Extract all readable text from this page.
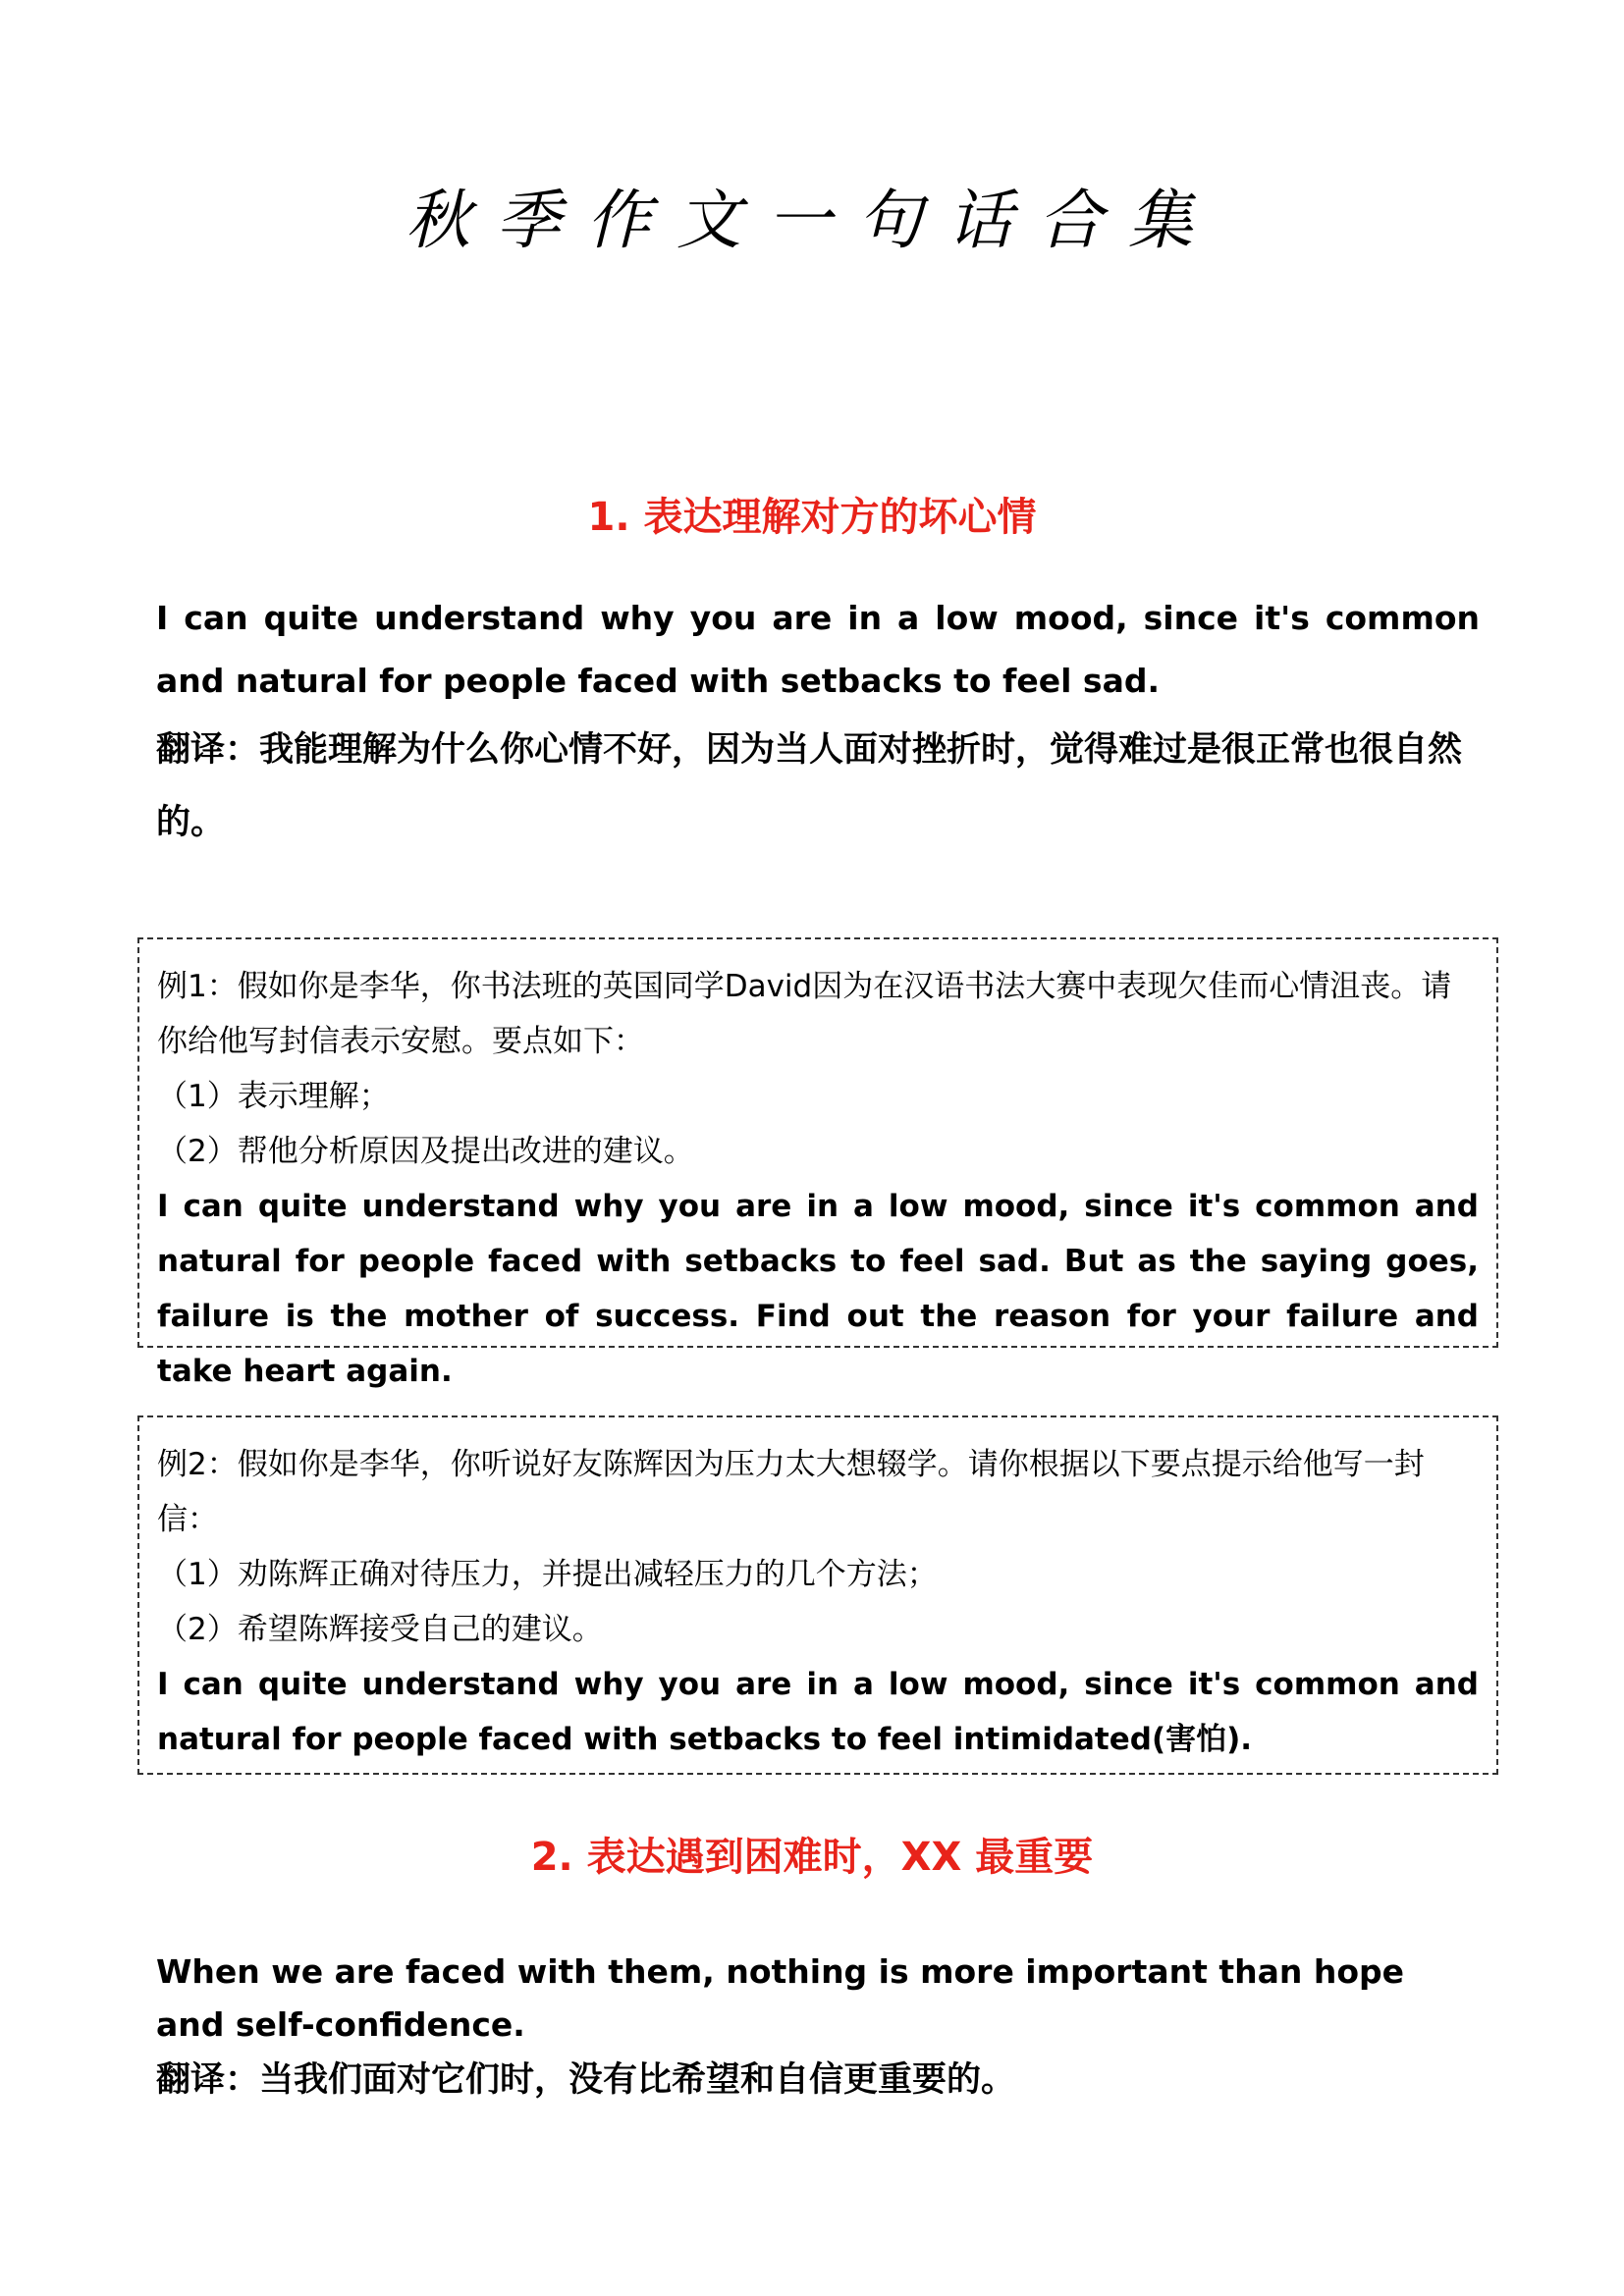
秋季作文一句话合集
1. 表达理解对方的坏心情

I can quite understand why you are in a low mood, since it's common and natural for people faced with setbacks to feel sad.

翻译：我能理解为什么你心情不好，因为当人面对挫折时，觉得难过是很正常也很自然的。

例1：假如你是李华，你书法班的英国同学David因为在汉语书法大赛中表现欠佳而心情沮丧。请你给他写封信表示安慰。要点如下：

（1）表示理解；

（2）帮他分析原因及提出改进的建议。

I can quite understand why you are in a low mood, since it's common and natural for people faced with setbacks to feel sad. But as the saying goes, failure is the mother of success. Find out the reason for your failure and take heart again.

例2：假如你是李华，你听说好友陈辉因为压力太大想辍学。请你根据以下要点提示给他写一封信：

（1）劝陈辉正确对待压力，并提出减轻压力的几个方法；

（2）希望陈辉接受自己的建议。

I can quite understand why you are in a low mood, since it's common and natural for people faced with setbacks to feel intimidated(害怕).

2. 表达遇到困难时，XX 最重要

When we are faced with them, nothing is more important than hope and self-confidence.

翻译：当我们面对它们时，没有比希望和自信更重要的。
